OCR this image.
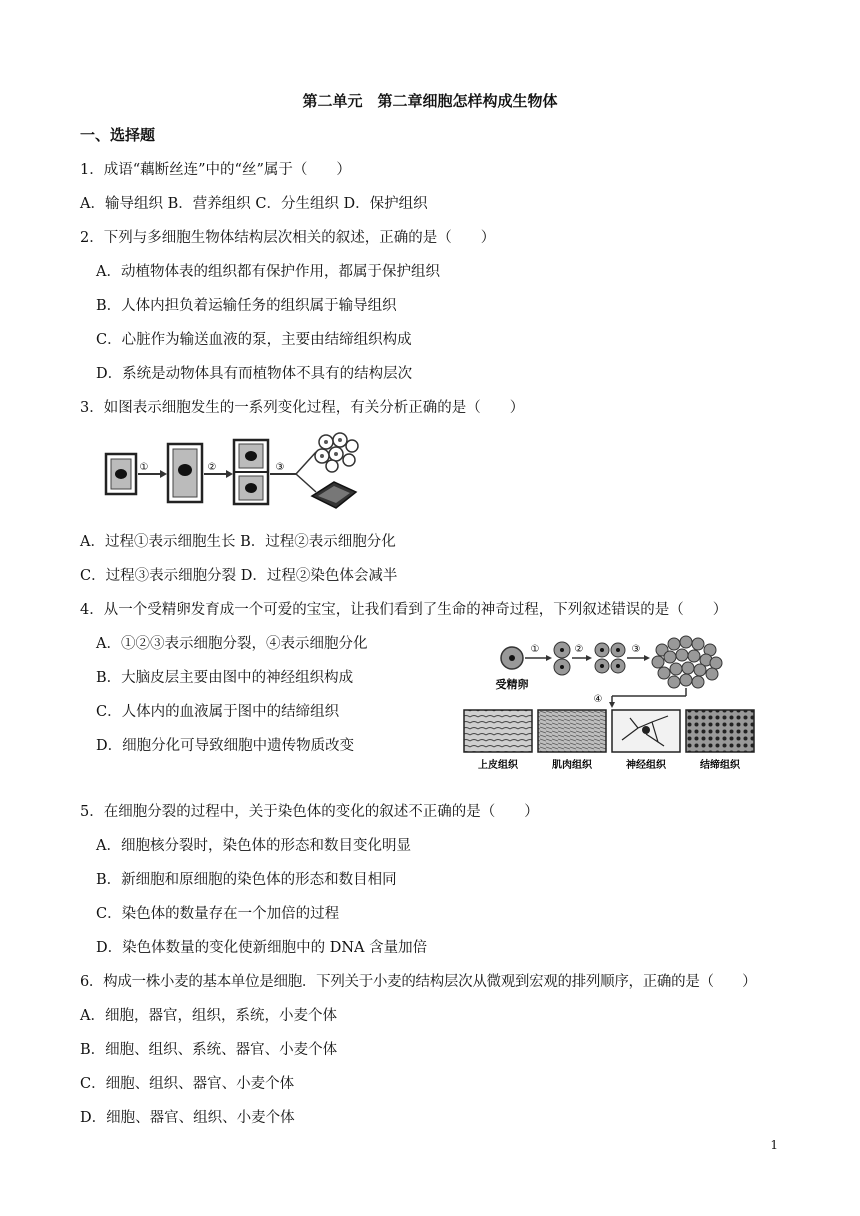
第二单元　第二章细胞怎样构成生物体
一、选择题
1．成语“藕断丝连”中的“丝”属于（　　）
A．输导组织 B．营养组织 C．分生组织 D．保护组织
2．下列与多细胞生物体结构层次相关的叙述，正确的是（　　）
A．动植物体表的组织都有保护作用，都属于保护组织
B．人体内担负着运输任务的组织属于输导组织
C．心脏作为输送血液的泵，主要由结缔组织构成
D．系统是动物体具有而植物体不具有的结构层次
3．如图表示细胞发生的一系列变化过程，有关分析正确的是（　　）
①	②	③
A．过程①表示细胞生长 B．过程②表示细胞分化
C．过程③表示细胞分裂 D．过程②染色体会减半
4．从一个受精卵发育成一个可爱的宝宝，让我们看到了生命的神奇过程，下列叙述错误的是（　　）
A．①②③表示细胞分裂，④表示细胞分化
B．大脑皮层主要由图中的神经组织构成
C．人体内的血液属于图中的结缔组织
D．细胞分化可导致细胞中遗传物质改变
受精卵
①	②	③
④
上皮组织	肌肉组织	神经组织	结缔组织
5．在细胞分裂的过程中，关于染色体的变化的叙述不正确的是（　　）
A．细胞核分裂时，染色体的形态和数目变化明显
B．新细胞和原细胞的染色体的形态和数目相同
C．染色体的数量存在一个加倍的过程
D．染色体数量的变化使新细胞中的 DNA 含量加倍
6．构成一株小麦的基本单位是细胞．下列关于小麦的结构层次从微观到宏观的排列顺序，正确的是（　　）
A．细胞，器官，组织，系统，小麦个体
B．细胞、组织、系统、器官、小麦个体
C．细胞、组织、器官、小麦个体
D．细胞、器官、组织、小麦个体
1
